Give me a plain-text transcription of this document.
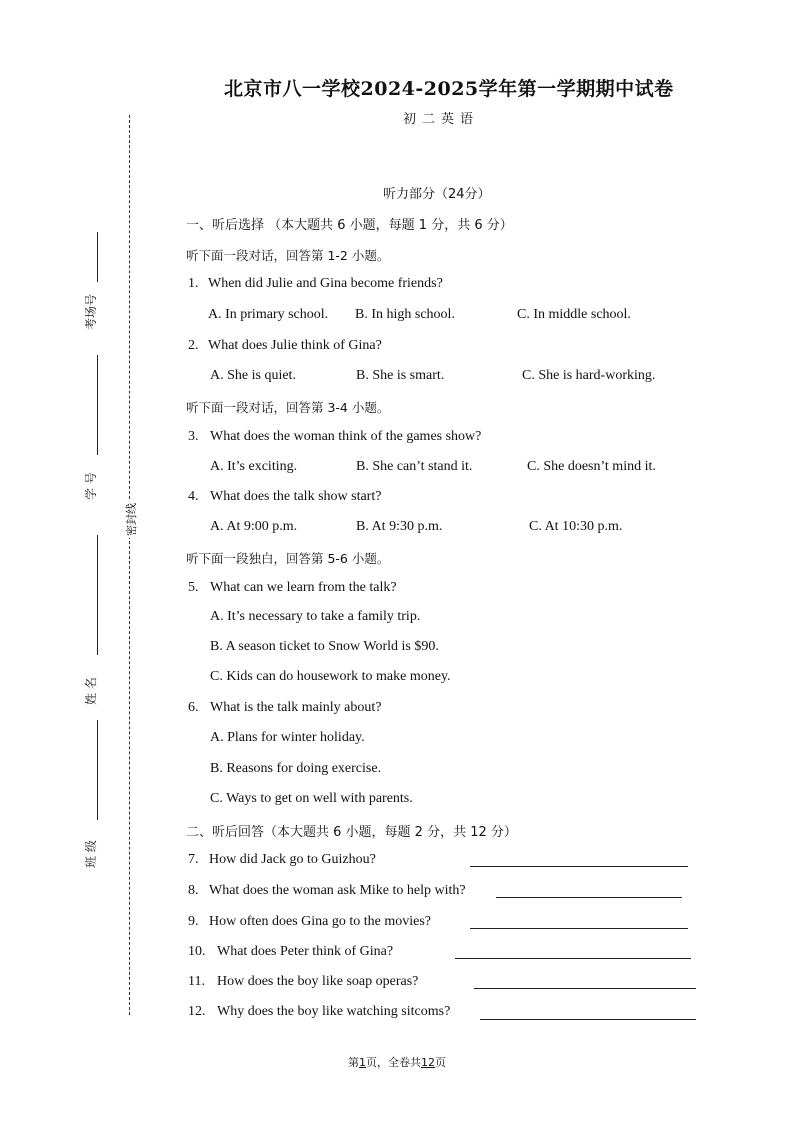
密封线
考场号
学 号
姓 名
班 级
北京市八一学校2024-2025学年第一学期期中试卷
初二英语
听力部分（24分）
一、听后选择 （本大题共 6 小题，每题 1 分，共 6 分）
听下面一段对话，回答第 1-2 小题。
1. When did Julie and Gina become friends?
A. In primary school. B. In high school.	C. In middle school.
2. What does Julie think of Gina?
A. She is quiet.	B. She is smart.	C. She is hard-working.
听下面一段对话，回答第 3-4 小题。
3. What does the woman think of the games show?
A. It’s exciting.	B. She can’t stand it.	C. She doesn’t mind it.
4. What does the talk show start?
A. At 9:00 p.m.	B. At 9:30 p.m.	C. At 10:30 p.m.
听下面一段独白，回答第 5-6 小题。
5. What can we learn from the talk?
A. It’s necessary to take a family trip.
B. A season ticket to Snow World is $90.
C. Kids can do housework to make money.
6. What is the talk mainly about?
A. Plans for winter holiday.
B. Reasons for doing exercise.
C. Ways to get on well with parents.
二、听后回答（本大题共 6 小题，每题 2 分，共 12 分）
7. How did Jack go to Guizhou?
8. What does the woman ask Mike to help with?
9. How often does Gina go to the movies?
10. What does Peter think of Gina?
11. How does the boy like soap operas?
12. Why does the boy like watching sitcoms?
第1页，全卷共12页
